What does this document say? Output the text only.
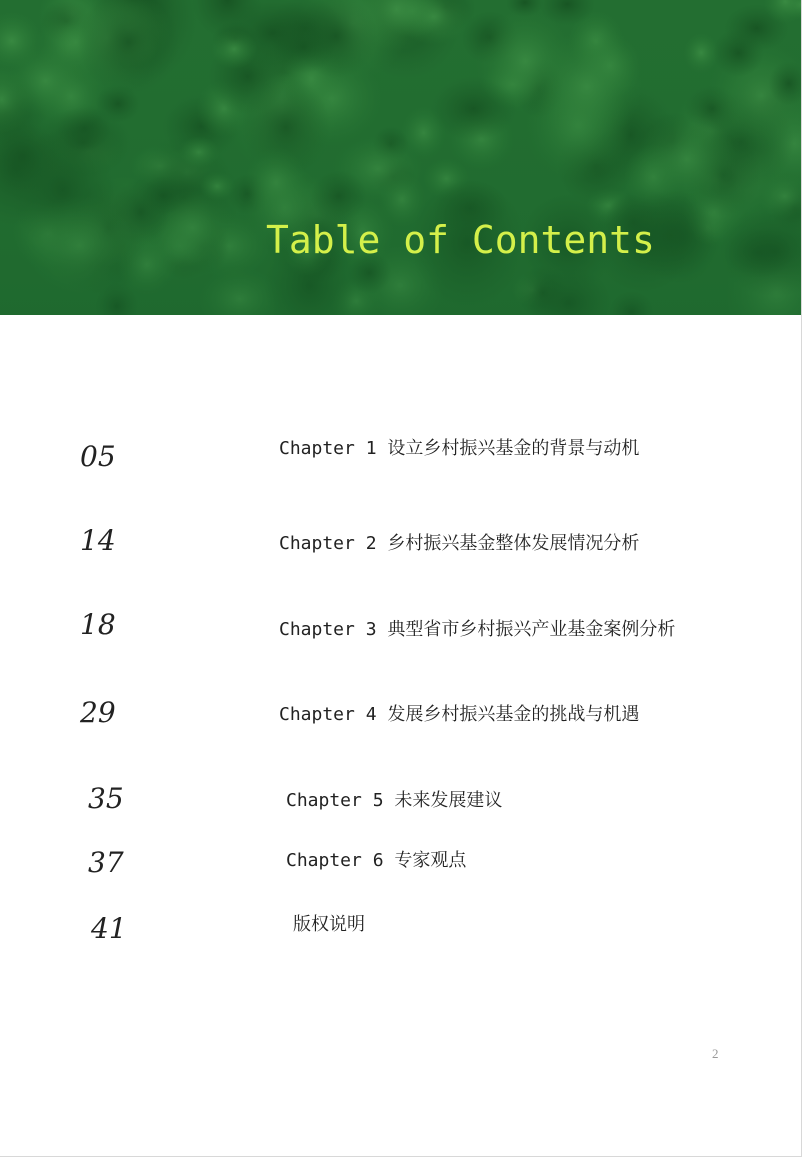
Table of Contents
05	Chapter 1 设立乡村振兴基金的背景与动机
14	Chapter 2 乡村振兴基金整体发展情况分析
18	Chapter 3 典型省市乡村振兴产业基金案例分析
29	Chapter 4 发展乡村振兴基金的挑战与机遇
35	Chapter 5 未来发展建议
37	Chapter 6 专家观点
41	版权说明
2
